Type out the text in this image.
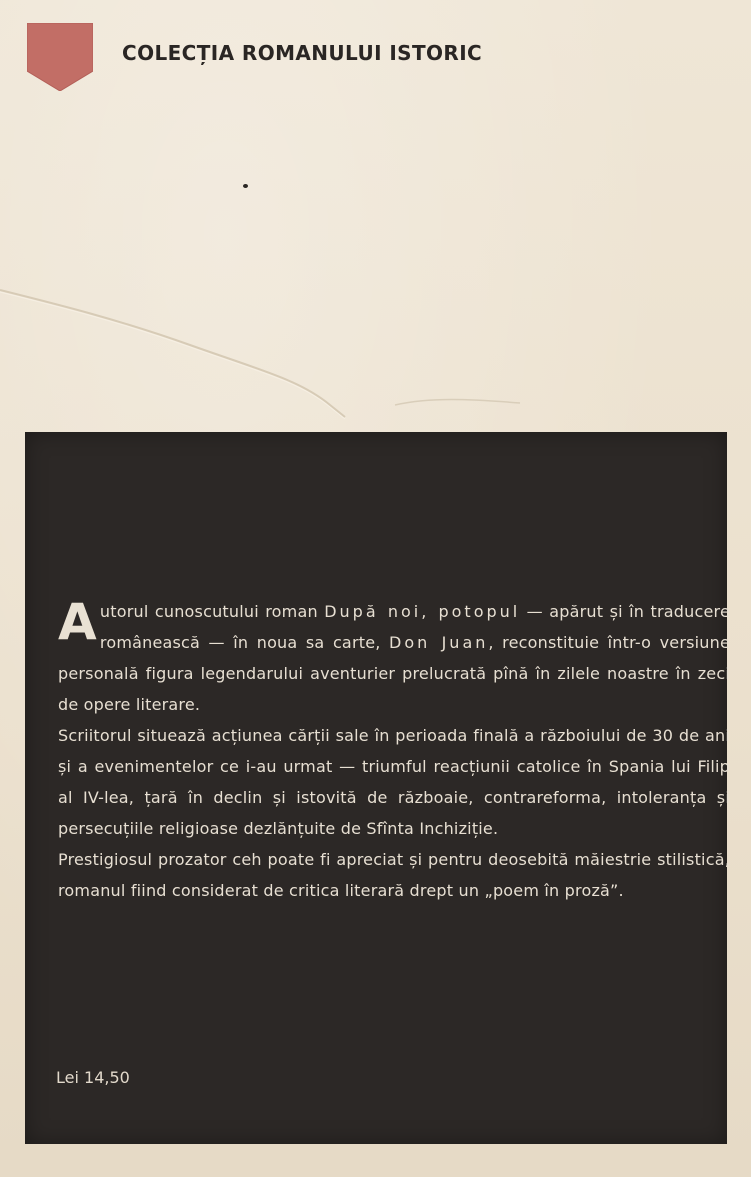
COLECȚIA ROMANULUI ISTORIC

Autorul cunoscutului roman După noi, potopul — apărut și în traducere românească — în noua sa carte, Don Juan, reconstituie într-o versiune personală figura legendarului aventurier prelucrată pînă în zilele noastre în zeci de opere literare.

Scriitorul situează acțiunea cărții sale în perioada finală a războiului de 30 de ani și a evenimentelor ce i-au urmat — triumful reacțiunii catolice în Spania lui Filip al IV-lea, țară în declin și istovită de războaie, contrareforma, intoleranța și persecuțiile religioase dezlănțuite de Sfînta Inchiziție.

Prestigiosul prozator ceh poate fi apreciat și pentru deosebită măiestrie stilistică, romanul fiind considerat de critica literară drept un „poem în proză”.

Lei 14,50
